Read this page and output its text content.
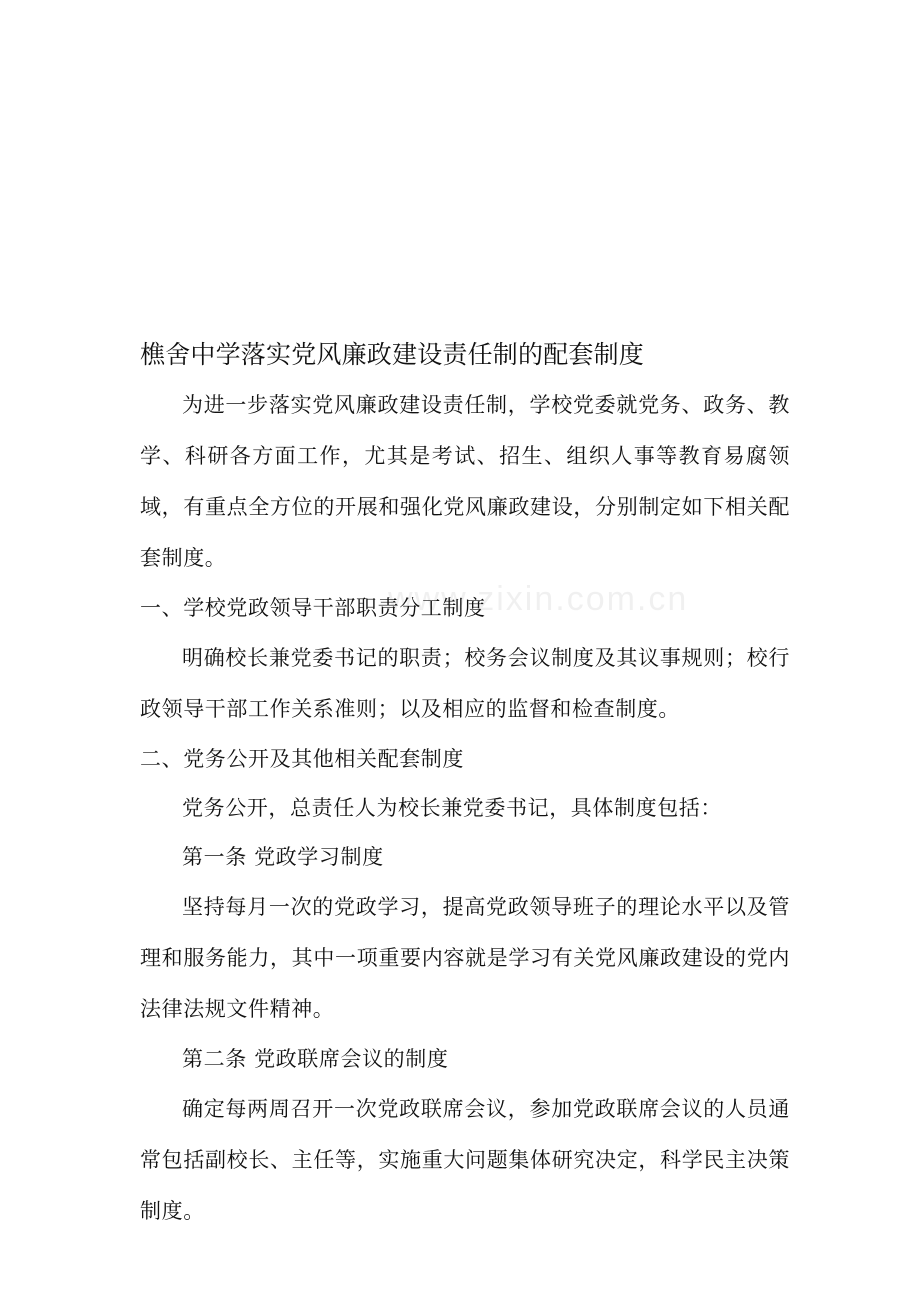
www.zixin.com.cn

樵舍中学落实党风廉政建设责任制的配套制度

为进一步落实党风廉政建设责任制，学校党委就党务、政务、教学、科研各方面工作，尤其是考试、招生、组织人事等教育易腐领域，有重点全方位的开展和强化党风廉政建设，分别制定如下相关配套制度。

一、学校党政领导干部职责分工制度

明确校长兼党委书记的职责；校务会议制度及其议事规则；校行政领导干部工作关系准则；以及相应的监督和检查制度。

二、党务公开及其他相关配套制度

党务公开，总责任人为校长兼党委书记，具体制度包括：

第一条 党政学习制度

坚持每月一次的党政学习，提高党政领导班子的理论水平以及管理和服务能力，其中一项重要内容就是学习有关党风廉政建设的党内法律法规文件精神。

第二条 党政联席会议的制度

确定每两周召开一次党政联席会议，参加党政联席会议的人员通常包括副校长、主任等，实施重大问题集体研究决定，科学民主决策制度。
